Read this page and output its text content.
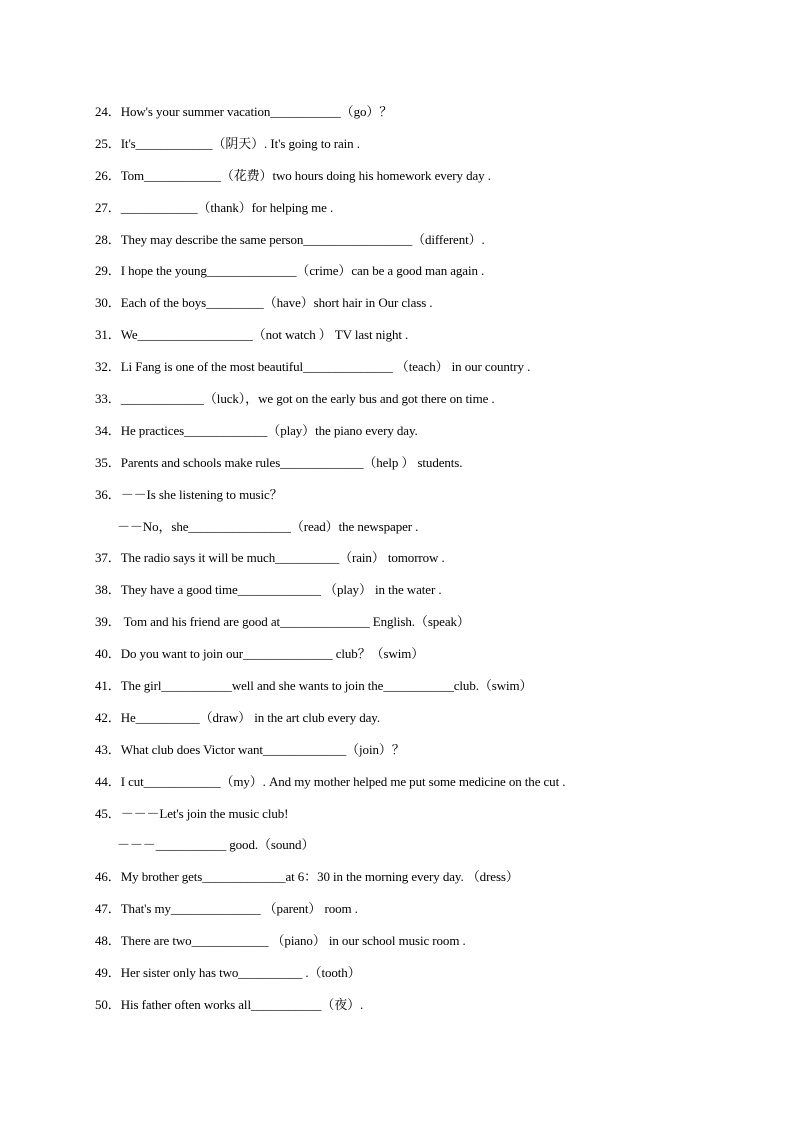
24．How's your summer vacation___________（go）？
25．It's____________（阴天）. It's going to rain .
26．Tom____________（花费）two hours doing his homework every day .
27．____________（thank）for helping me .
28．They may describe the same person_________________（different）.
29．I hope the young______________（crime）can be a good man again .
30．Each of the boys_________（have）short hair in Our class .
31．We__________________（not watch ） TV last night .
32．Li Fang is one of the most beautiful______________ （teach） in our country .
33．_____________（luck），we got on the early bus and got there on time .
34．He practices_____________（play）the piano every day.
35．Parents and schools make rules_____________（help ） students.
36．－－Is she listening to music？
－－No，she________________（read）the newspaper .
37．The radio says it will be much__________（rain） tomorrow .
38．They have a good time_____________ （play） in the water .
39． Tom and his friend are good at______________ English.（speak）
40．Do you want to join our______________ club？（swim）
41．The girl___________well and she wants to join the___________club.（swim）
42．He__________（draw） in the art club every day.
43．What club does Victor want_____________（join）？
44．I cut____________（my）. And my mother helped me put some medicine on the cut .
45．－－－Let's join the music club!
－－－___________ good.（sound）
46．My brother gets_____________at 6：30 in the morning every day. （dress）
47．That's my______________ （parent） room .
48．There are two____________ （piano） in our school music room .
49．Her sister only has two__________ .（tooth）
50．His father often works all___________（夜）.
